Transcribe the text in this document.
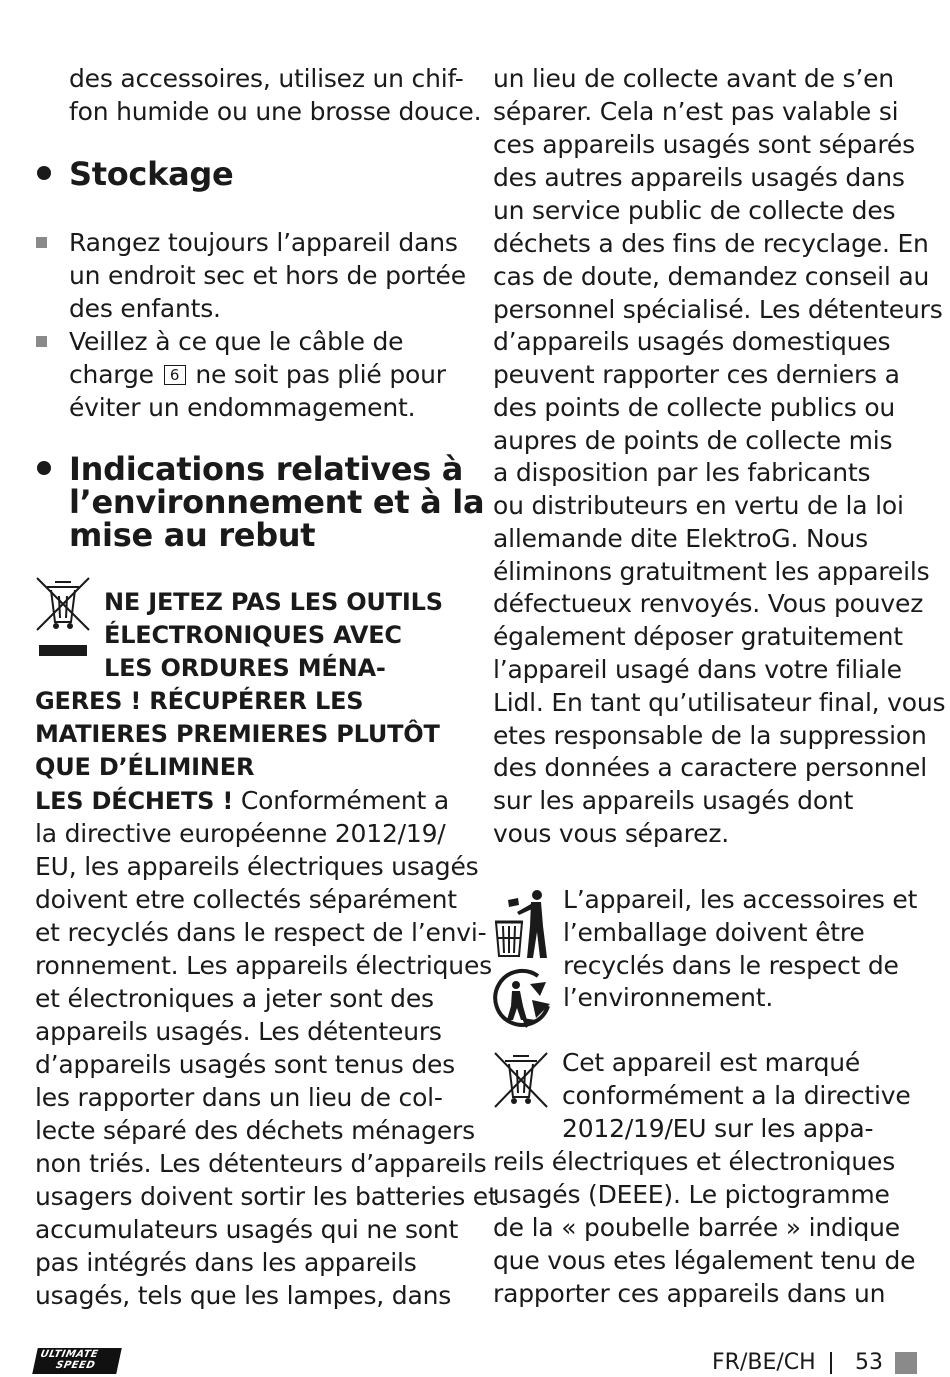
des accessoires, utilisez un chif-
fon humide ou une brosse douce.
Stockage
Rangez toujours l’appareil dans
un endroit sec et hors de portée
des enfants.
Veillez à ce que le câble de
charge 6 ne soit pas plié pour
éviter un endommagement.
Indications relatives à
l’environnement et à la
mise au rebut
NE JETEZ PAS LES OUTILS
ÉLECTRONIQUES AVEC
LES ORDURES MÉNA-
GERES ! RÉCUPÉRER LES
MATIERES PREMIERES PLUTÔT
QUE D’ÉLIMINER
LES DÉCHETS ! Conformément a
la directive européenne 2012/19/
EU, les appareils électriques usagés
doivent etre collectés séparément
et recyclés dans le respect de l’envi-
ronnement. Les appareils électriques
et électroniques a jeter sont des
appareils usagés. Les détenteurs
d’appareils usagés sont tenus des
les rapporter dans un lieu de col-
lecte séparé des déchets ménagers
non triés. Les détenteurs d’appareils
usagers doivent sortir les batteries et
accumulateurs usagés qui ne sont
pas intégrés dans les appareils
usagés, tels que les lampes, dans
un lieu de collecte avant de s’en
séparer. Cela n’est pas valable si
ces appareils usagés sont séparés
des autres appareils usagés dans
un service public de collecte des
déchets a des fins de recyclage. En
cas de doute, demandez conseil au
personnel spécialisé. Les détenteurs
d’appareils usagés domestiques
peuvent rapporter ces derniers a
des points de collecte publics ou
aupres de points de collecte mis
a disposition par les fabricants
ou distributeurs en vertu de la loi
allemande dite ElektroG. Nous
éliminons gratuitment les appareils
défectueux renvoyés. Vous pouvez
également déposer gratuitement
l’appareil usagé dans votre filiale
Lidl. En tant qu’utilisateur final, vous
etes responsable de la suppression
des données a caractere personnel
sur les appareils usagés dont
vous vous séparez.
L’appareil, les accessoires et
l’emballage doivent être
recyclés dans le respect de
l’environnement.
Cet appareil est marqué
conformément a la directive
2012/19/EU sur les appa-
reils électriques et électroniques
usagés (DEEE). Le pictogramme
de la « poubelle barrée » indique
que vous etes légalement tenu de
rapporter ces appareils dans un
ULTIMATE
SPEED	FR/BE/CH 53
